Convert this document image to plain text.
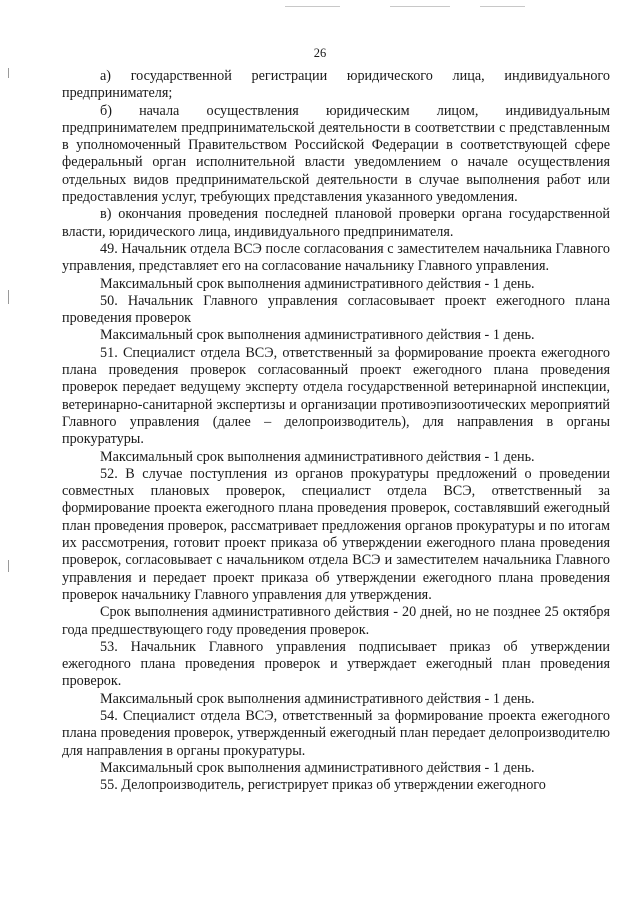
26

а) государственной регистрации юридического лица, индивидуального предпринимателя;

б) начала осуществления юридическим лицом, индивидуальным предпринимателем предпринимательской деятельности в соответствии с представленным в уполномоченный Правительством Российской Федерации в соответствующей сфере федеральный орган исполнительной власти уведомлением о начале осуществления отдельных видов предпринимательской деятельности в случае выполнения работ или предоставления услуг, требующих представления указанного уведомления.

в) окончания проведения последней плановой проверки органа государственной власти, юридического лица, индивидуального предпринимателя.

49. Начальник отдела ВСЭ после согласования с заместителем начальника Главного управления, представляет его на согласование начальнику Главного управления.

Максимальный срок выполнения административного действия - 1 день.

50. Начальник Главного управления согласовывает проект ежегодного плана проведения проверок

Максимальный срок выполнения административного действия - 1 день.

51. Специалист отдела ВСЭ, ответственный за формирование проекта ежегодного плана проведения проверок согласованный проект ежегодного плана проведения проверок передает ведущему эксперту отдела государственной ветеринарной инспекции, ветеринарно-санитарной экспертизы и организации противоэпизоотических мероприятий Главного управления (далее – делопроизводитель), для направления в органы прокуратуры.

Максимальный срок выполнения административного действия - 1 день.

52. В случае поступления из органов прокуратуры предложений о проведении совместных плановых проверок, специалист отдела ВСЭ, ответственный за формирование проекта ежегодного плана проведения проверок, составлявший ежегодный план проведения проверок, рассматривает предложения органов прокуратуры и по итогам их рассмотрения, готовит проект приказа об утверждении ежегодного плана проведения проверок, согласовывает с начальником отдела ВСЭ и заместителем начальника Главного управления и передает проект приказа об утверждении ежегодного плана проведения проверок начальнику Главного управления для утверждения.

Срок выполнения административного действия - 20 дней, но не позднее 25 октября года предшествующего году проведения проверок.

53. Начальник Главного управления подписывает приказ об утверждении ежегодного плана проведения проверок и утверждает ежегодный план проведения проверок.

Максимальный срок выполнения административного действия - 1 день.

54. Специалист отдела ВСЭ, ответственный за формирование проекта ежегодного плана проведения проверок, утвержденный ежегодный план передает делопроизводителю для направления в органы прокуратуры.

Максимальный срок выполнения административного действия - 1 день.

55. Делопроизводитель, регистрирует приказ об утверждении ежегодного
